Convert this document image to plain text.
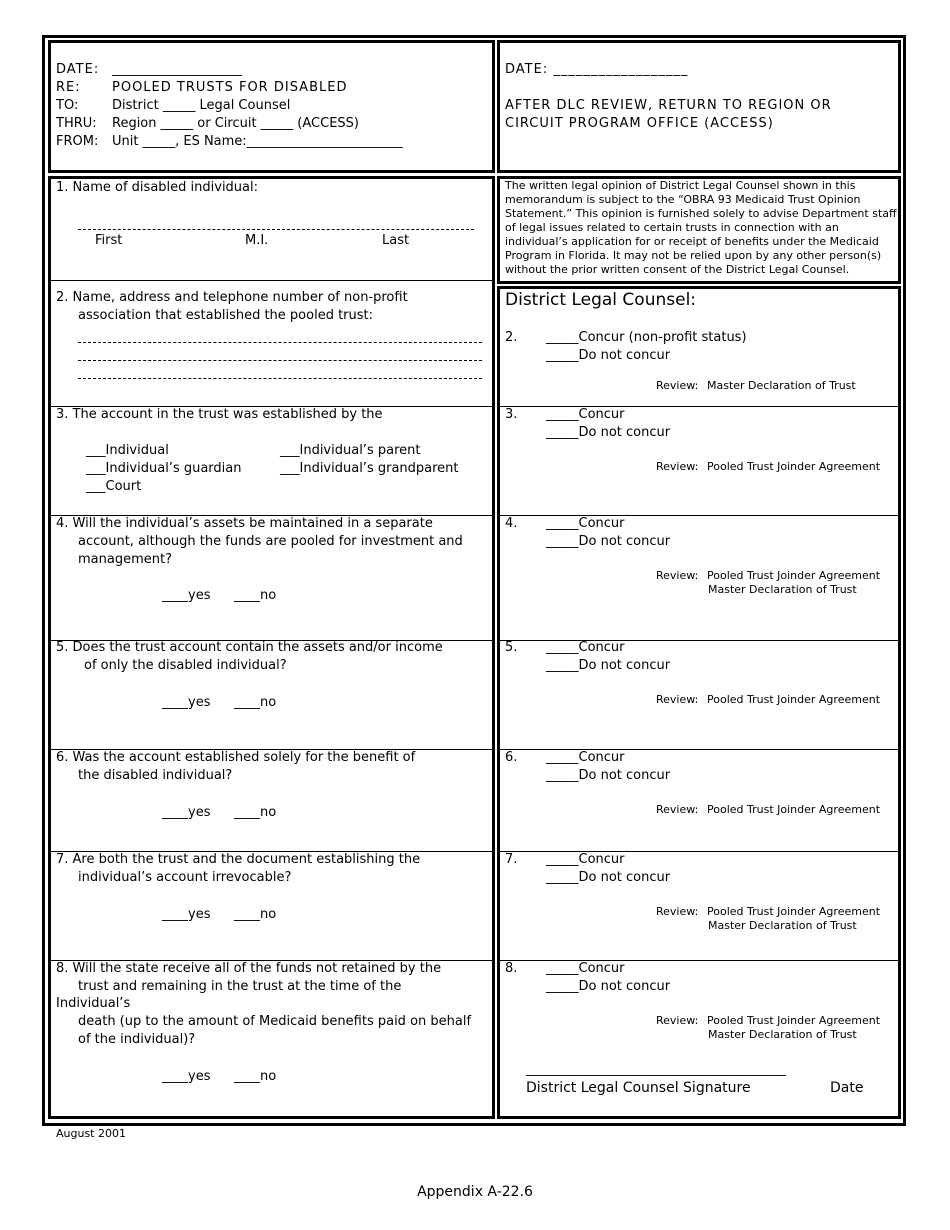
DATE: ____________________
RE: POOLED TRUSTS FOR DISABLED
TO:	District _____ Legal Counsel
THRU: Region _____ or Circuit _____ (ACCESS)
FROM: Unit _____, ES Name:________________________
DATE: __________________
AFTER DLC REVIEW, RETURN TO REGION OR
CIRCUIT PROGRAM OFFICE (ACCESS)
The written legal opinion of District Legal Counsel shown in this
memorandum is subject to the “OBRA 93 Medicaid Trust Opinion
Statement.” This opinion is furnished solely to advise Department staff
of legal issues related to certain trusts in connection with an
individual’s application for or receipt of benefits under the Medicaid
Program in Florida. It may not be relied upon by any other person(s)
without the prior written consent of the District Legal Counsel.
1. Name of disabled individual:
First	M.I.	Last
2. Name, address and telephone number of non-profit
association that established the pooled trust:
3. The account in the trust was established by the
___Individual	___Individual’s parent
___Individual’s guardian	___Individual’s grandparent
___Court
4. Will the individual’s assets be maintained in a separate
account, although the funds are pooled for investment and
management?
____yes ____no
5. Does the trust account contain the assets and/or income
of only the disabled individual?
____yes ____no
6. Was the account established solely for the benefit of
the disabled individual?
____yes ____no
7. Are both the trust and the document establishing the
individual’s account irrevocable?
____yes ____no
8. Will the state receive all of the funds not retained by the
trust and remaining in the trust at the time of the
Individual’s
death (up to the amount of Medicaid benefits paid on behalf
of the individual)?
____yes ____no
District Legal Counsel:
2. _____Concur (non-profit status)
_____Do not concur
Review: Master Declaration of Trust
3. _____Concur
_____Do not concur
Review: Pooled Trust Joinder Agreement
4. _____Concur
_____Do not concur
Review: Pooled Trust Joinder Agreement
Master Declaration of Trust
5. _____Concur
_____Do not concur
Review: Pooled Trust Joinder Agreement
6. _____Concur
_____Do not concur
Review: Pooled Trust Joinder Agreement
7. _____Concur
_____Do not concur
Review: Pooled Trust Joinder Agreement
Master Declaration of Trust
8. _____Concur
_____Do not concur
Review: Pooled Trust Joinder Agreement
Master Declaration of Trust
________________________________________
District Legal Counsel Signature	Date
August 2001
Appendix A-22.6
